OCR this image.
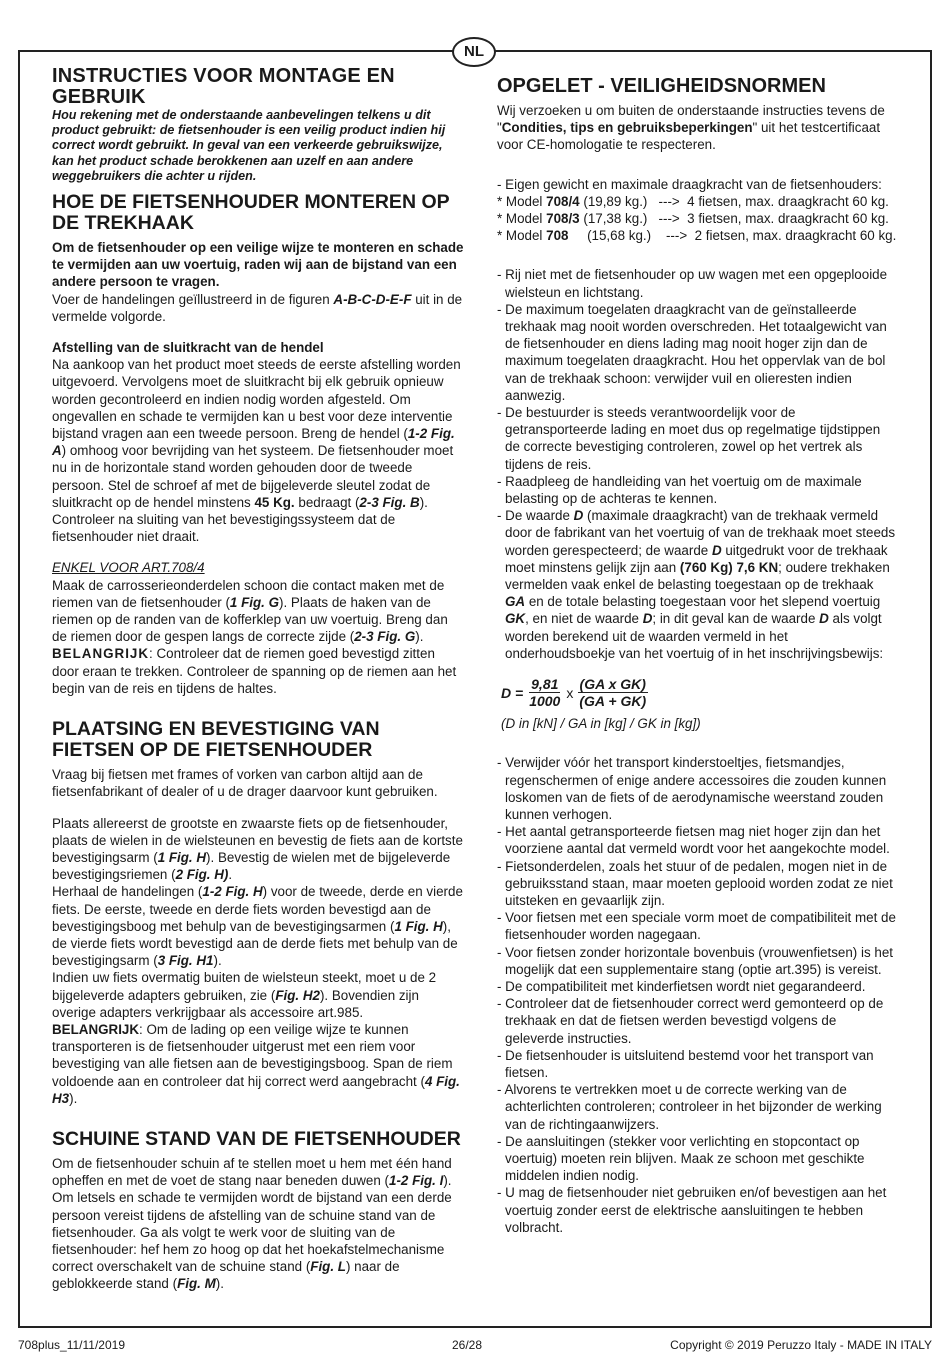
NL
INSTRUCTIES VOOR MONTAGE EN GEBRUIK

Hou rekening met de onderstaande aanbevelingen telkens u dit product gebruikt: de fietsenhouder is een veilig product indien hij correct wordt gebruikt. In geval van een verkeerde gebruikswijze, kan het product schade berokkenen aan uzelf en aan andere weggebruikers die achter u rijden.

HOE DE FIETSENHOUDER MONTEREN OP DE TREKHAAK

Om de fietsenhouder op een veilige wijze te monteren en schade te vermijden aan uw voertuig, raden wij aan de bijstand van een andere persoon te vragen.

Voer de handelingen geïllustreerd in de figuren A-B-C-D-E-F uit in de vermelde volgorde.

Afstelling van de sluitkracht van de hendel

Na aankoop van het product moet steeds de eerste afstelling worden uitgevoerd. Vervolgens moet de sluitkracht bij elk gebruik opnieuw worden gecontroleerd en indien nodig worden afgesteld. Om ongevallen en schade te vermijden kan u best voor deze interventie bijstand vragen aan een tweede persoon. Breng de hendel (1-2 Fig. A) omhoog voor bevrijding van het systeem. De fietsenhouder moet nu in de horizontale stand worden gehouden door de tweede persoon. Stel de schroef af met de bijgeleverde sleutel zodat de sluitkracht op de hendel minstens 45 Kg. bedraagt (2-3 Fig. B). Controleer na sluiting van het bevestigingssysteem dat de fietsenhouder niet draait.

ENKEL VOOR ART.708/4

Maak de carrosserieonderdelen schoon die contact maken met de riemen van de fietsenhouder (1 Fig. G). Plaats de haken van de riemen op de randen van de kofferklep van uw voertuig. Breng dan de riemen door de gespen langs de correcte zijde (2-3 Fig. G).

BELANGRIJK: Controleer dat de riemen goed bevestigd zitten door eraan te trekken. Controleer de spanning op de riemen aan het begin van de reis en tijdens de haltes.

PLAATSING EN BEVESTIGING VAN FIETSEN OP DE FIETSENHOUDER

Vraag bij fietsen met frames of vorken van carbon altijd aan de fietsenfabrikant of dealer of u de drager daarvoor kunt gebruiken.

Plaats allereerst de grootste en zwaarste fiets op de fietsenhouder, plaats de wielen in de wielsteunen en bevestig de fiets aan de kortste bevestigingsarm (1 Fig. H). Bevestig de wielen met de bijgeleverde bevestigingsriemen (2 Fig. H).

Herhaal de handelingen (1-2 Fig. H) voor de tweede, derde en vierde fiets. De eerste, tweede en derde fiets worden bevestigd aan de bevestigingsboog met behulp van de bevestigingsarmen (1 Fig. H), de vierde fiets wordt bevestigd aan de derde fiets met behulp van de bevestigingsarm (3 Fig. H1).

Indien uw fiets overmatig buiten de wielsteun steekt, moet u de 2 bijgeleverde adapters gebruiken, zie (Fig. H2). Bovendien zijn overige adapters verkrijgbaar als accessoire art.985.

BELANGRIJK: Om de lading op een veilige wijze te kunnen transporteren is de fietsenhouder uitgerust met een riem voor bevestiging van alle fietsen aan de bevestigingsboog. Span de riem voldoende aan en controleer dat hij correct werd aangebracht (4 Fig. H3).

SCHUINE STAND VAN DE FIETSENHOUDER

Om de fietsenhouder schuin af te stellen moet u hem met één hand opheffen en met de voet de stang naar beneden duwen (1-2 Fig. I). Om letsels en schade te vermijden wordt de bijstand van een derde persoon vereist tijdens de afstelling van de schuine stand van de fietsenhouder. Ga als volgt te werk voor de sluiting van de fietsenhouder: hef hem zo hoog op dat het hoekafstelmechanisme correct overschakelt van de schuine stand (Fig. L) naar de geblokkeerde stand (Fig. M).

OPGELET - VEILIGHEIDSNORMEN

Wij verzoeken u om buiten de onderstaande instructies tevens de "Condities, tips en gebruiksbeperkingen" uit het testcertificaat voor CE-homologatie te respecteren.

- Eigen gewicht en maximale draagkracht van de fietsenhouders:

* Model 708/4 (19,89 kg.)   --->  4 fietsen, max. draagkracht 60 kg.

* Model 708/3 (17,38 kg.)   --->  3 fietsen, max. draagkracht 60 kg.

* Model 708     (15,68 kg.)    --->  2 fietsen, max. draagkracht 60 kg.

- Rij niet met de fietsenhouder op uw wagen met een opgeplooide wielsteun en lichtstang.
- De maximum toegelaten draagkracht van de geïnstalleerde trekhaak mag nooit worden overschreden. Het totaalgewicht van de fietsenhouder en diens lading mag nooit hoger zijn dan de maximum toegelaten draagkracht. Hou het oppervlak van de bol van de trekhaak schoon: verwijder vuil en olieresten indien aanwezig.
- De bestuurder is steeds verantwoordelijk voor de getransporteerde lading en moet dus op regelmatige tijdstippen de correcte bevestiging controleren, zowel op het vertrek als tijdens de reis.
- Raadpleeg de handleiding van het voertuig om de maximale belasting op de achteras te kennen.
- De waarde D (maximale draagkracht) van de trekhaak vermeld door de fabrikant van het voertuig of van de trekhaak moet steeds worden gerespecteerd; de waarde D uitgedrukt voor de trekhaak moet minstens gelijk zijn aan (760 Kg) 7,6 KN; oudere trekhaken vermelden vaak enkel de belasting toegestaan op de trekhaak GA en de totale belasting toegestaan voor het slepend voertuig GK, en niet de waarde D; in dit geval kan de waarde D als volgt worden berekend uit de waarden vermeld in het onderhoudsboekje van het voertuig of in het inschrijvingsbewijs:
$D = \frac{9,81}{1000}$ x $\frac{\text{(GA x GK)}}{(GA + GK)}$

(D in [kN] / GA in [kg] / GK in [kg])

- Verwijder vóór het transport kinderstoeltjes, fietsmandjes, regenschermen of enige andere accessoires die zouden kunnen loskomen van de fiets of de aerodynamische weerstand zouden kunnen verhogen.
- Het aantal getransporteerde fietsen mag niet hoger zijn dan het voorziene aantal dat vermeld wordt voor het aangekochte model.
- Fietsonderdelen, zoals het stuur of de pedalen, mogen niet in de gebruiksstand staan, maar moeten geplooid worden zodat ze niet uitsteken en gevaarlijk zijn.
- Voor fietsen met een speciale vorm moet de compatibiliteit met de fietsenhouder worden nagegaan.
- Voor fietsen zonder horizontale bovenbuis (vrouwenfietsen) is het mogelijk dat een supplementaire stang (optie art.395) is vereist.
- De compatibiliteit met kinderfietsen wordt niet gegarandeerd.
- Controleer dat de fietsenhouder correct werd gemonteerd op de trekhaak en dat de fietsen werden bevestigd volgens de geleverde instructies.
- De fietsenhouder is uitsluitend bestemd voor het transport van fietsen.
- Alvorens te vertrekken moet u de correcte werking van de achterlichten controleren; controleer in het bijzonder de werking van de richtingaanwijzers.
- De aansluitingen (stekker voor verlichting en stopcontact op voertuig) moeten rein blijven. Maak ze schoon met geschikte middelen indien nodig.
- U mag de fietsenhouder niet gebruiken en/of bevestigen aan het voertuig zonder eerst de elektrische aansluitingen te hebben volbracht.
708plus_11/11/2019	26/28	Copyright © 2019 Peruzzo Italy - MADE IN ITALY
